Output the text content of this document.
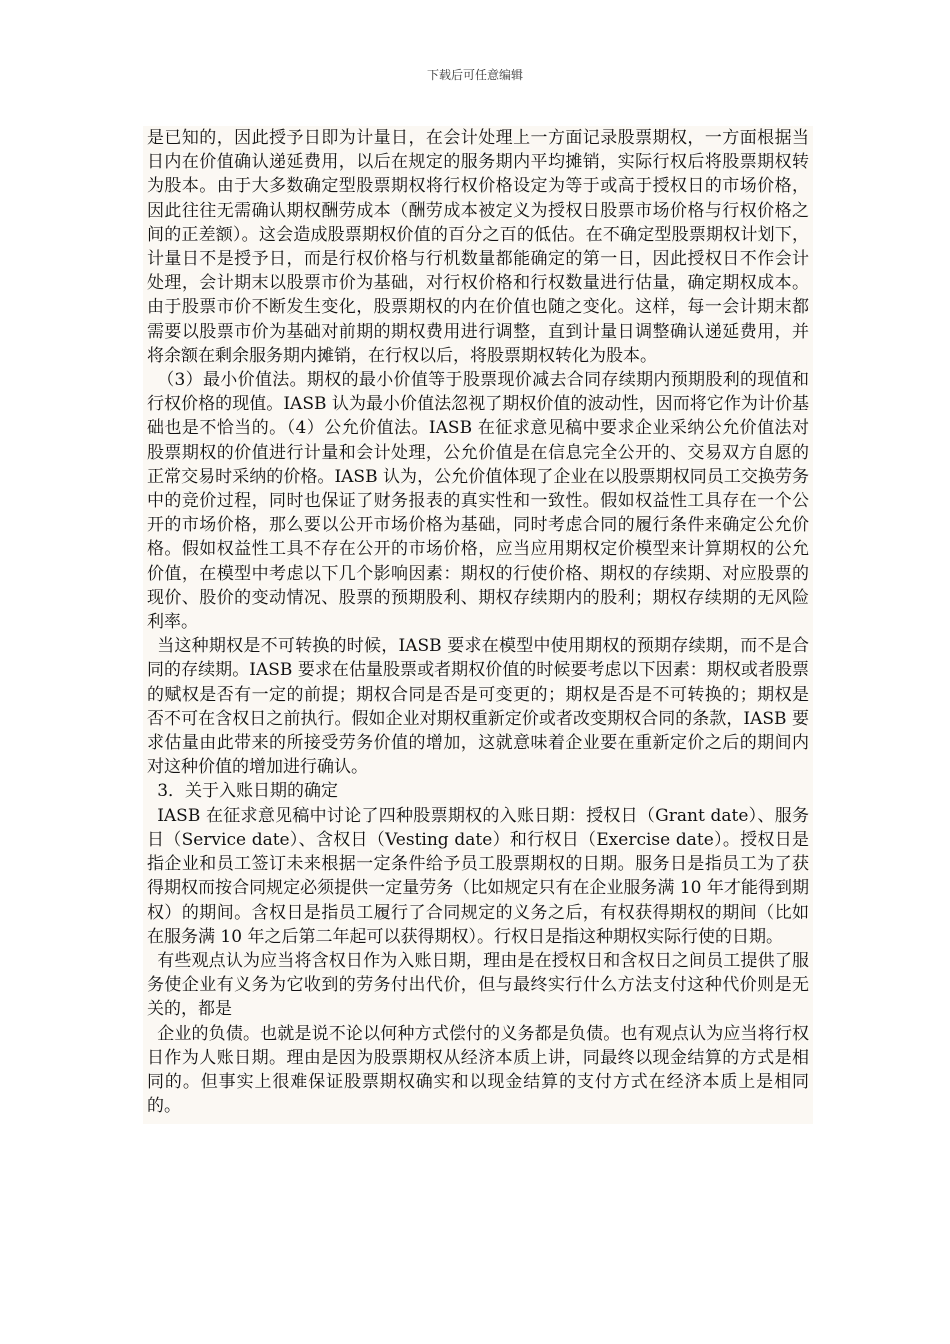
下载后可任意编辑

是已知的，因此授予日即为计量日，在会计处理上一方面记录股票期权，一方面根据当日内在价值确认递延费用，以后在规定的服务期内平均摊销，实际行权后将股票期权转为股本。由于大多数确定型股票期权将行权价格设定为等于或高于授权日的市场价格，因此往往无需确认期权酬劳成本（酬劳成本被定义为授权日股票市场价格与行权价格之间的正差额）。这会造成股票期权价值的百分之百的低估。在不确定型股票期权计划下，计量日不是授予日，而是行权价格与行机数量都能确定的第一日，因此授权日不作会计处理，会计期末以股票市价为基础，对行权价格和行权数量进行估量，确定期权成本。由于股票市价不断发生变化，股票期权的内在价值也随之变化。这样，每一会计期末都需要以股票市价为基础对前期的期权费用进行调整，直到计量日调整确认递延费用，并将余额在剩余服务期内摊销，在行权以后，将股票期权转化为股本。

（3）最小价值法。期权的最小价值等于股票现价减去合同存续期内预期股利的现值和行权价格的现值。IASB 认为最小价值法忽视了期权价值的波动性，因而将它作为计价基础也是不恰当的。（4）公允价值法。IASB 在征求意见稿中要求企业采纳公允价值法对股票期权的价值进行计量和会计处理，公允价值是在信息完全公开的、交易双方自愿的正常交易时采纳的价格。IASB 认为，公允价值体现了企业在以股票期权同员工交换劳务中的竞价过程，同时也保证了财务报表的真实性和一致性。假如权益性工具存在一个公开的市场价格，那么要以公开市场价格为基础，同时考虑合同的履行条件来确定公允价格。假如权益性工具不存在公开的市场价格，应当应用期权定价模型来计算期权的公允价值，在模型中考虑以下几个影响因素：期权的行使价格、期权的存续期、对应股票的现价、股价的变动情况、股票的预期股利、期权存续期内的股利；期权存续期的无风险利率。

当这种期权是不可转换的时候，IASB 要求在模型中使用期权的预期存续期，而不是合同的存续期。IASB 要求在估量股票或者期权价值的时候要考虑以下因素：期权或者股票的赋权是否有一定的前提；期权合同是否是可变更的；期权是否是不可转换的；期权是否不可在含权日之前执行。假如企业对期权重新定价或者改变期权合同的条款，IASB 要求估量由此带来的所接受劳务价值的增加，这就意味着企业要在重新定价之后的期间内对这种价值的增加进行确认。

3．关于入账日期的确定

IASB 在征求意见稿中讨论了四种股票期权的入账日期：授权日（Grant date）、服务日（Service date）、含权日（Vesting date）和行权日（Exercise date）。授权日是指企业和员工签订未来根据一定条件给予员工股票期权的日期。服务日是指员工为了获得期权而按合同规定必须提供一定量劳务（比如规定只有在企业服务满 10 年才能得到期权）的期间。含权日是指员工履行了合同规定的义务之后，有权获得期权的期间（比如在服务满 10 年之后第二年起可以获得期权）。行权日是指这种期权实际行使的日期。

有些观点认为应当将含权日作为入账日期，理由是在授权日和含权日之间员工提供了服务使企业有义务为它收到的劳务付出代价，但与最终实行什么方法支付这种代价则是无关的，都是

企业的负债。也就是说不论以何种方式偿付的义务都是负债。也有观点认为应当将行权日作为人账日期。理由是因为股票期权从经济本质上讲，同最终以现金结算的方式是相同的。但事实上很难保证股票期权确实和以现金结算的支付方式在经济本质上是相同的。
